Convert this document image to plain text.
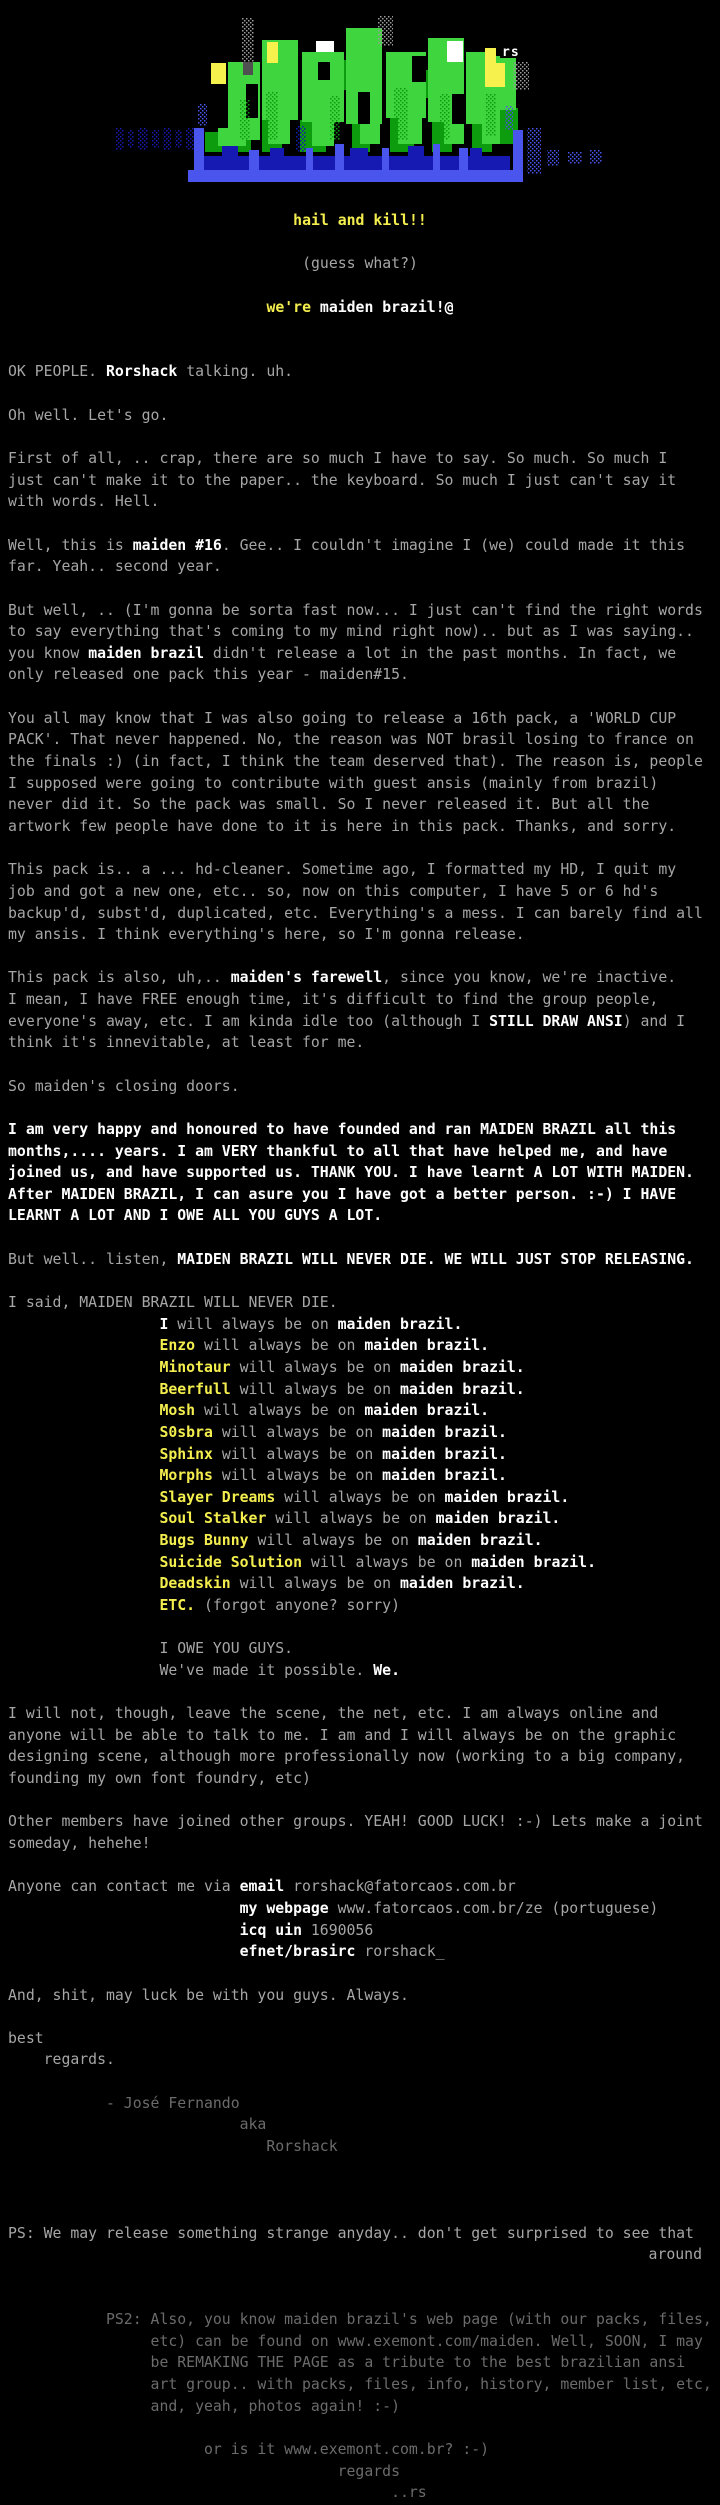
rs
hail and kill!!

(guess what?)

we're maiden brazil!@

OK PEOPLE. Rorshack talking. uh.

Oh well. Let's go.

First of all, .. crap, there are so much I have to say. So much. So much I
just can't make it to the paper.. the keyboard. So much I just can't say it
with words. Hell.

Well, this is maiden #16. Gee.. I couldn't imagine I (we) could made it this
far. Yeah.. second year.

But well, .. (I'm gonna be sorta fast now... I just can't find the right words
to say everything that's coming to my mind right now).. but as I was saying..
you know maiden brazil didn't release a lot in the past months. In fact, we
only released one pack this year - maiden#15.

You all may know that I was also going to release a 16th pack, a 'WORLD CUP
PACK'. That never happened. No, the reason was NOT brasil losing to france on
the finals :) (in fact, I think the team deserved that). The reason is, people
I supposed were going to contribute with guest ansis (mainly from brazil)
never did it. So the pack was small. So I never released it. But all the
artwork few people have done to it is here in this pack. Thanks, and sorry.

This pack is.. a ... hd-cleaner. Sometime ago, I formatted my HD, I quit my
job and got a new one, etc.. so, now on this computer, I have 5 or 6 hd's
backup'd, subst'd, duplicated, etc. Everything's a mess. I can barely find all
my ansis. I think everything's here, so I'm gonna release.

This pack is also, uh,.. maiden's farewell, since you know, we're inactive.
I mean, I have FREE enough time, it's difficult to find the group people,
everyone's away, etc. I am kinda idle too (although I STILL DRAW ANSI) and I
think it's innevitable, at least for me.

So maiden's closing doors.

I am very happy and honoured to have founded and ran MAIDEN BRAZIL all this
months,.... years. I am VERY thankful to all that have helped me, and have
joined us, and have supported us. THANK YOU. I have learnt A LOT WITH MAIDEN.
After MAIDEN BRAZIL, I can asure you I have got a better person. :-) I HAVE
LEARNT A LOT AND I OWE ALL YOU GUYS A LOT.

But well.. listen, MAIDEN BRAZIL WILL NEVER DIE. WE WILL JUST STOP RELEASING.

I said, MAIDEN BRAZIL WILL NEVER DIE.
I will always be on maiden brazil.
Enzo will always be on maiden brazil.
Minotaur will always be on maiden brazil.
Beerfull will always be on maiden brazil.
Mosh will always be on maiden brazil.
S0sbra will always be on maiden brazil.
Sphinx will always be on maiden brazil.
Morphs will always be on maiden brazil.
Slayer Dreams will always be on maiden brazil.
Soul Stalker will always be on maiden brazil.
Bugs Bunny will always be on maiden brazil.
Suicide Solution will always be on maiden brazil.
Deadskin will always be on maiden brazil.
ETC. (forgot anyone? sorry)

I OWE YOU GUYS.
We've made it possible. We.

I will not, though, leave the scene, the net, etc. I am always online and
anyone will be able to talk to me. I am and I will always be on the graphic
designing scene, although more professionally now (working to a big company,
founding my own font foundry, etc)

Other members have joined other groups. YEAH! GOOD LUCK! :-) Lets make a joint
someday, hehehe!

Anyone can contact me via email rorshack@fatorcaos.com.br
my webpage www.fatorcaos.com.br/ze (portuguese)
icq uin 1690056
efnet/brasirc rorshack_

And, shit, may luck be with you guys. Always.

best
regards.

- José Fernando
aka
Rorshack

PS: We may release something strange anyday.. don't get surprised to see that
around

PS2: Also, you know maiden brazil's web page (with our packs, files,
etc) can be found on www.exemont.com/maiden. Well, SOON, I may
be REMAKING THE PAGE as a tribute to the best brazilian ansi
art group.. with packs, files, info, history, member list, etc,
and, yeah, photos again! :-)

or is it www.exemont.com.br? :-)
regards
..rs
